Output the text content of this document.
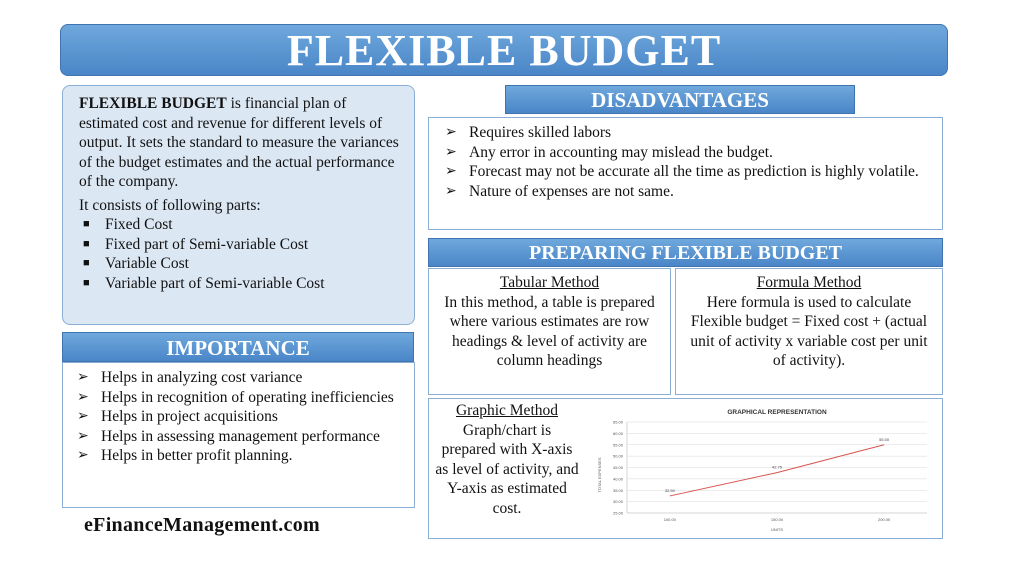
FLEXIBLE BUDGET

FLEXIBLE BUDGET is financial plan of estimated cost and revenue for different levels of output. It sets the standard to measure the variances of the budget estimates and the actual performance of the company.

It consists of following parts:

■ Fixed Cost
■ Fixed part of Semi-variable Cost
■ Variable Cost
■ Variable part of Semi-variable Cost
IMPORTANCE
➢ Helps in analyzing cost variance
➢ Helps in recognition of operating inefficiencies
➢ Helps in project acquisitions
➢ Helps in assessing management performance
➢ Helps in better profit planning.
eFinanceManagement.com
DISADVANTAGES
➢ Requires skilled labors
➢ Any error in accounting may mislead the budget.
➢ Forecast may not be accurate all the time as prediction is highly volatile.
➢ Nature of expenses are not same.
PREPARING FLEXIBLE BUDGET
Tabular Method
In this method, a table is prepared where various estimates are row headings & level of activity are column headings
Formula Method
Here formula is used to calculate Flexible budget = Fixed cost + (actual unit of activity x variable cost per unit of activity).
Graphic Method
Graph/chart is prepared with X-axis as level of activity, and Y-axis as estimated cost.
GRAPHICAL REPRESENTATION
TOTAL EXPENSES
UNITS
25.00
30.00
35.00
40.00
45.00
50.00
55.00
60.00
65.00
100.00	150.00	200.00
32.50
42.75
55.00
